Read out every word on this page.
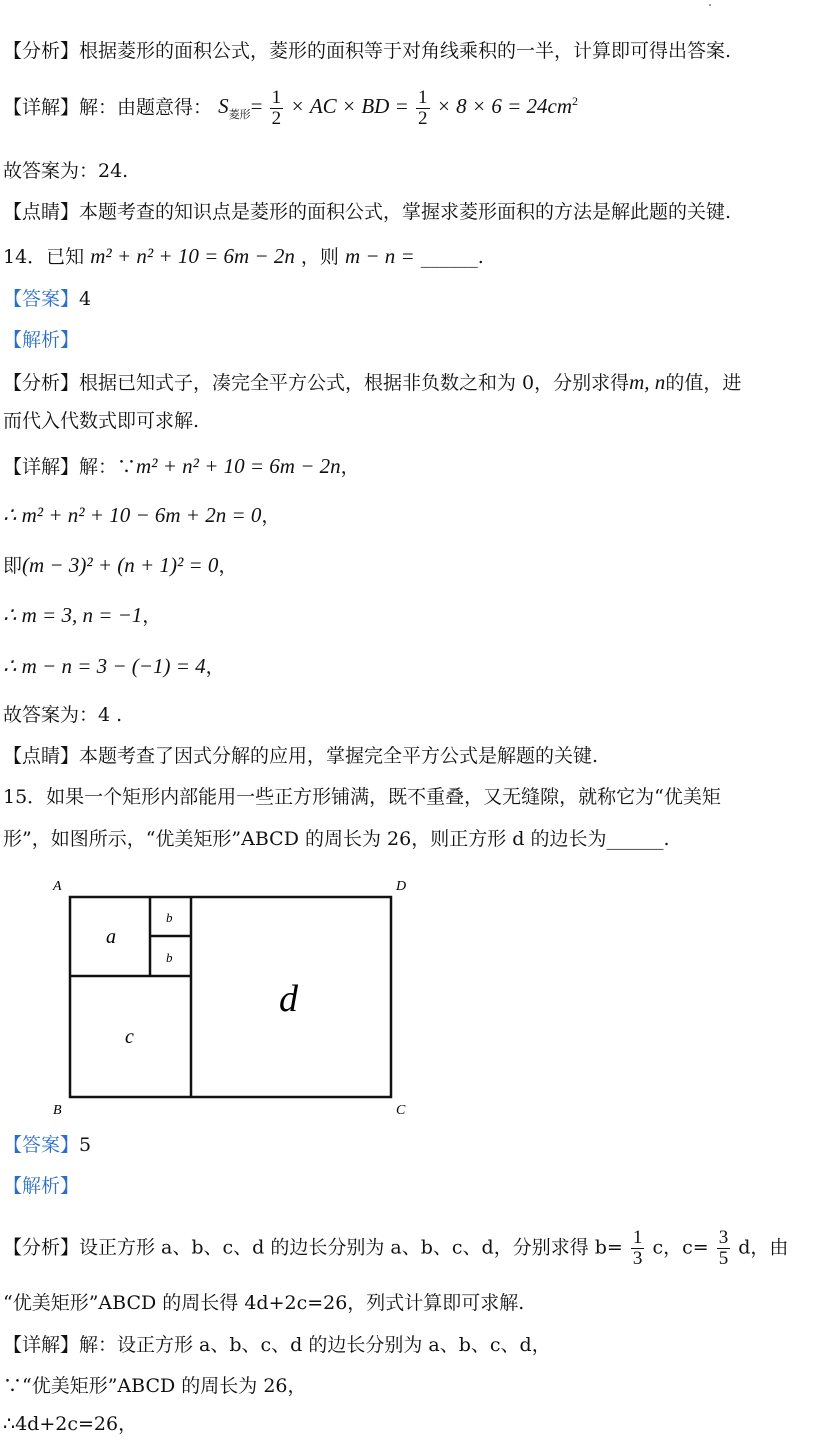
【分析】根据菱形的面积公式，菱形的面积等于对角线乘积的一半，计算即可得出答案.
【详解】解：由题意得： $S_{菱形}= \frac{1}{2}$ × AC × BD = $\frac{1}{2} \times 8 \times 6 = 24cm^2$
故答案为：24.
【点睛】本题考查的知识点是菱形的面积公式，掌握求菱形面积的方法是解此题的关键.
14．已知 m² + n² + 10 = 6m − 2n ，则 m − n = ______.
【答案】4
【解析】
【分析】根据已知式子，凑完全平方公式，根据非负数之和为 0，分别求得m, n的值，进
而代入代数式即可求解.
【详解】解：∵m² + n² + 10 = 6m − 2n，
∴ m² + n² + 10 − 6m + 2n = 0，
即(m − 3)² + (n + 1)² = 0，
∴ m = 3, n = −1，
∴ m − n = 3 − (−1) = 4，
故答案为：4 .
【点睛】本题考查了因式分解的应用，掌握完全平方公式是解题的关键.
15．如果一个矩形内部能用一些正方形铺满，既不重叠，又无缝隙，就称它为“优美矩
形”，如图所示，“优美矩形”ABCD 的周长为 26，则正方形 d 的边长为______.
A	D
B	C
a
b
b
c
d
【答案】5
【解析】
【分析】设正方形 a、b、c、d 的边长分别为 a、b、c、d，分别求得 $b= \frac{1}{3}$ c，$c= \frac{3}{5}$ d，由
“优美矩形”ABCD 的周长得 4d+2c=26，列式计算即可求解.
【详解】解：设正方形 a、b、c、d 的边长分别为 a、b、c、d，
∵“优美矩形”ABCD 的周长为 26，
∴4d+2c=26，
